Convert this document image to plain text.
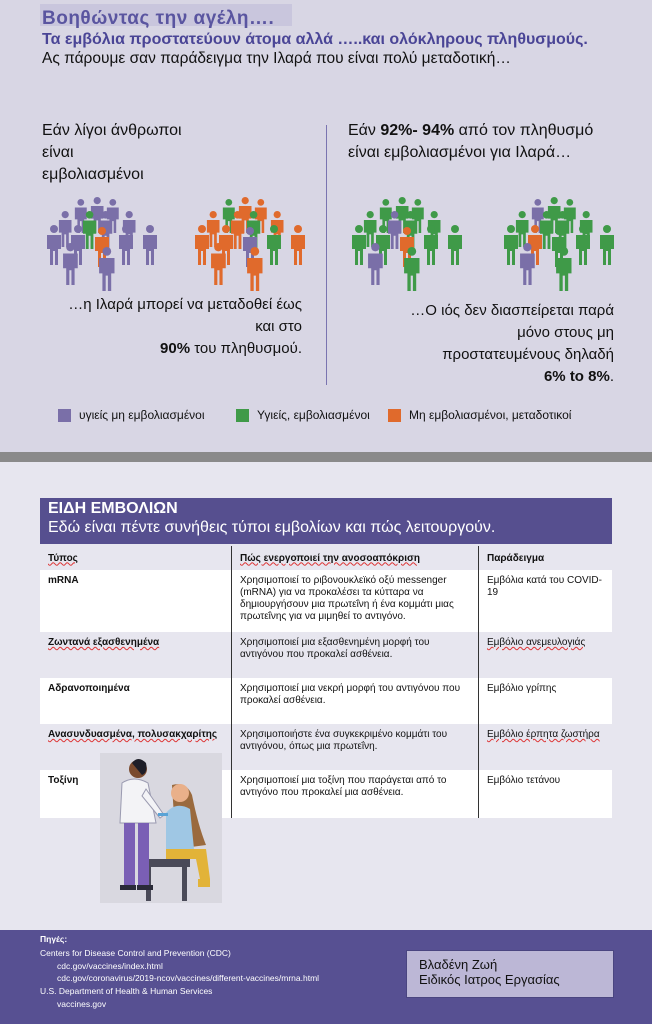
Βοηθώντας την αγέλη….
Τα εμβόλια προστατεύουν άτομα αλλά …..και ολόκληρους πληθυσμούς.
Ας πάρουμε σαν παράδειγμα την Ιλαρά που είναι πολύ μεταδοτική…
Εάν λίγοι άνθρωποι
είναι
εμβολιασμένοι
Εάν 92%- 94% από τον πληθυσμό
είναι εμβολιασμένοι για Ιλαρά…
…η Ιλαρά μπορεί να μεταδοθεί έως
και στο
90% του πληθυσμού.
…Ο ιός δεν διασπείρεται παρά
μόνο στους μη
προστατευμένους δηλαδή
6% to 8%.
υγιείς μη εμβολιασμένοι	Υγιείς, εμβολιασμένοι	Μη εμβολιασμένοι, μεταδοτικοί
ΕΙΔΗ ΕΜΒΟΛΙΩΝ
Εδώ είναι πέντε συνήθεις τύποι εμβολίων και πώς λειτουργούν.
Τύπος	Πώς ενεργοποιεί την ανοσοαπόκριση	Παράδειγμα
mRNA	Χρησιμοποιεί το ριβονουκλεϊκό οξύ messenger (mRNA) για να προκαλέσει τα κύτταρα να δημιουργήσουν μια πρωτεΐνη ή ένα κομμάτι μιας πρωτεΐνης για να μιμηθεί το αντιγόνο.	Εμβόλια κατά του COVID-19
Ζωντανά εξασθενημένα	Χρησιμοποιεί μια εξασθενημένη μορφή του αντιγόνου που προκαλεί ασθένεια.	Εμβόλιο ανεμευλογιάς
Αδρανοποιημένα	Χρησιμοποιεί μια νεκρή μορφή του αντιγόνου που προκαλεί ασθένεια.	Εμβόλιο γρίπης
Ανασυνδυασμένα, πολυσακχαρίτης	Χρησιμοποιήστε ένα συγκεκριμένο κομμάτι του αντιγόνου, όπως μια πρωτεΐνη.	Εμβόλιο έρπητα ζωστήρα
Τοξίνη	Χρησιμοποιεί μια τοξίνη που παράγεται από το αντιγόνο που προκαλεί μια ασθένεια.	Εμβόλιο τετάνου
Πηγές:
Centers for Disease Control and Prevention (CDC)
cdc.gov/vaccines/index.html
cdc.gov/coronavirus/2019-ncov/vaccines/different-vaccines/mrna.html
U.S. Department of Health & Human Services
vaccines.gov
Βλαδένη Ζωή
Ειδικός Ιατρος Εργασίας
